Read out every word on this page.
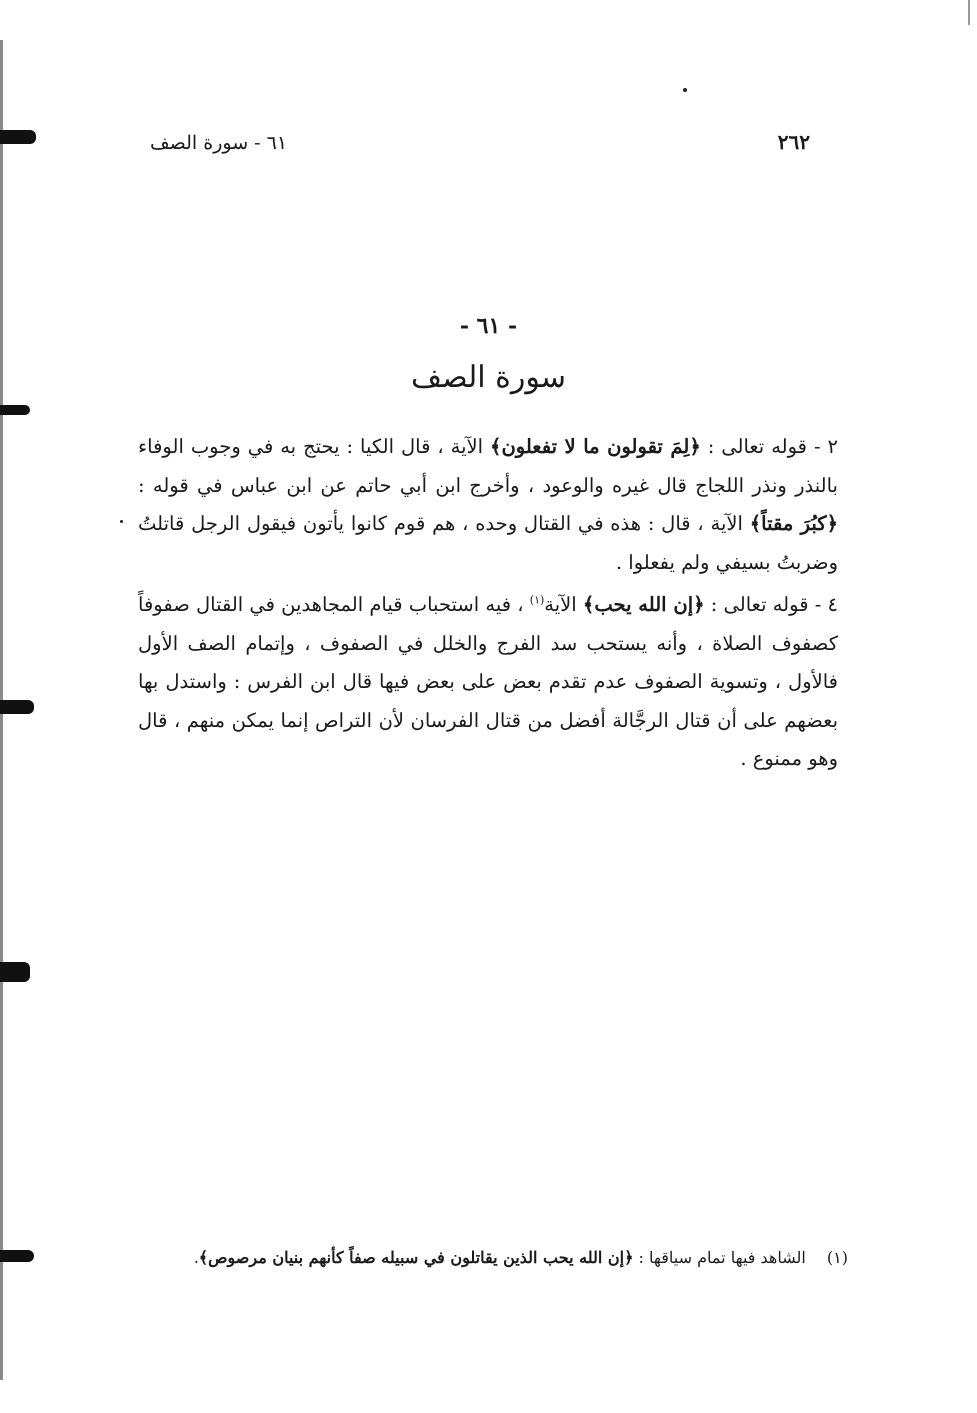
٢٦٢
٦١ - سورة الصف
- ٦١ -
سورة الصف

٢ - قوله تعالى : ﴿لِمَ تقولون ما لا تفعلون﴾ الآية ، قال الكيا : يحتج به في وجوب الوفاء بالنذر ونذر اللجاج قال غيره والوعود ، وأخرج ابن أبي حاتم عن ابن عباس في قوله : ﴿كبُرَ مقتاً﴾ الآية ، قال : هذه في القتال وحده ، هم قوم كانوا يأتون فيقول الرجل قاتلتُ وضربتُ بسيفي ولم يفعلوا .

٤ - قوله تعالى : ﴿إن الله يحب﴾ الآية$^{(١)}$ ، فيه استحباب قيام المجاهدين في القتال صفوفاً كصفوف الصلاة ، وأنه يستحب سد الفرج والخلل في الصفوف ، وإتمام الصف الأول فالأول ، وتسوية الصفوف عدم تقدم بعض على بعض فيها قال ابن الفرس : واستدل بها بعضهم على أن قتال الرجَّالة أفضل من قتال الفرسان لأن التراص إنما يمكن منهم ، قال وهو ممنوع .

(١) الشاهد فيها تمام سياقها : ﴿إن الله يحب الذين يقاتلون في سبيله صفاً كأنهم بنيان مرصوص﴾.
